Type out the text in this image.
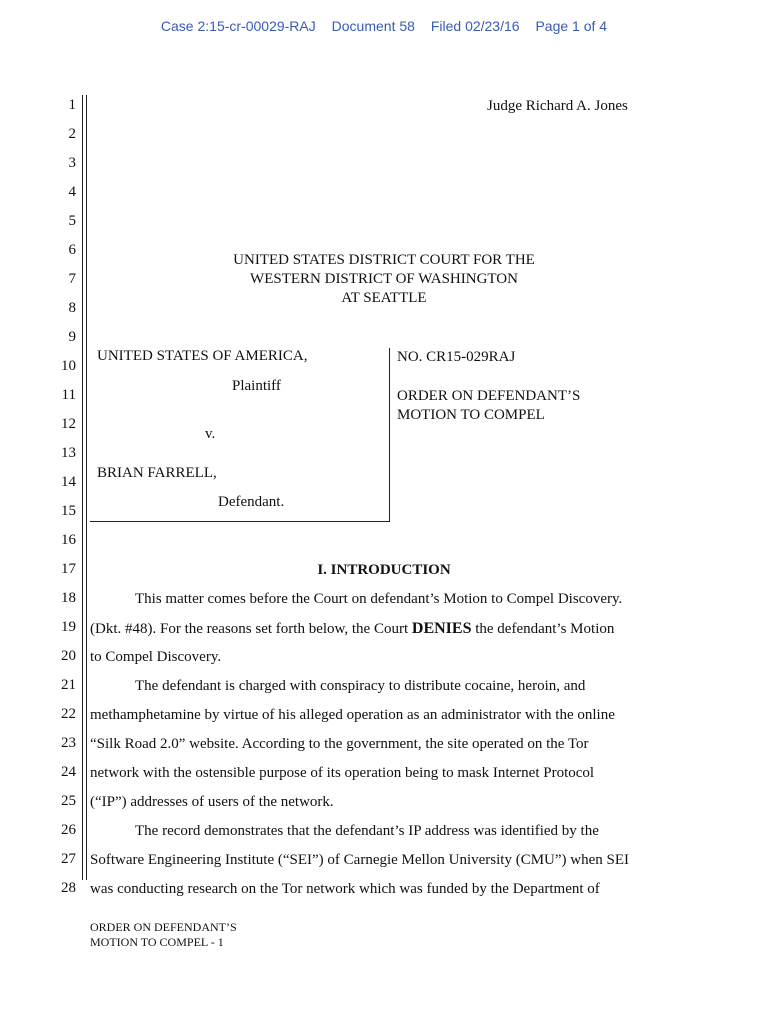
Case 2:15-cr-00029-RAJ Document 58 Filed 02/23/16 Page 1 of 4
1
2
3
4
5
6
7
8
9
10
11
12
13
14
15
16
17
18
19
20
21
22
23
24
25
26
27
28
Judge Richard A. Jones
UNITED STATES DISTRICT COURT FOR THE
WESTERN DISTRICT OF WASHINGTON
AT SEATTLE
UNITED STATES OF AMERICA,
Plaintiff
v.
BRIAN FARRELL,
Defendant.
NO. CR15-029RAJ
ORDER ON DEFENDANT’S
MOTION TO COMPEL
I. INTRODUCTION
This matter comes before the Court on defendant’s Motion to Compel Discovery.
(Dkt. #48). For the reasons set forth below, the Court DENIES the defendant’s Motion
to Compel Discovery.
The defendant is charged with conspiracy to distribute cocaine, heroin, and
methamphetamine by virtue of his alleged operation as an administrator with the online
“Silk Road 2.0” website. According to the government, the site operated on the Tor
network with the ostensible purpose of its operation being to mask Internet Protocol
(“IP”) addresses of users of the network.
The record demonstrates that the defendant’s IP address was identified by the
Software Engineering Institute (“SEI”) of Carnegie Mellon University (CMU”) when SEI
was conducting research on the Tor network which was funded by the Department of
ORDER ON DEFENDANT’S
MOTION TO COMPEL - 1
